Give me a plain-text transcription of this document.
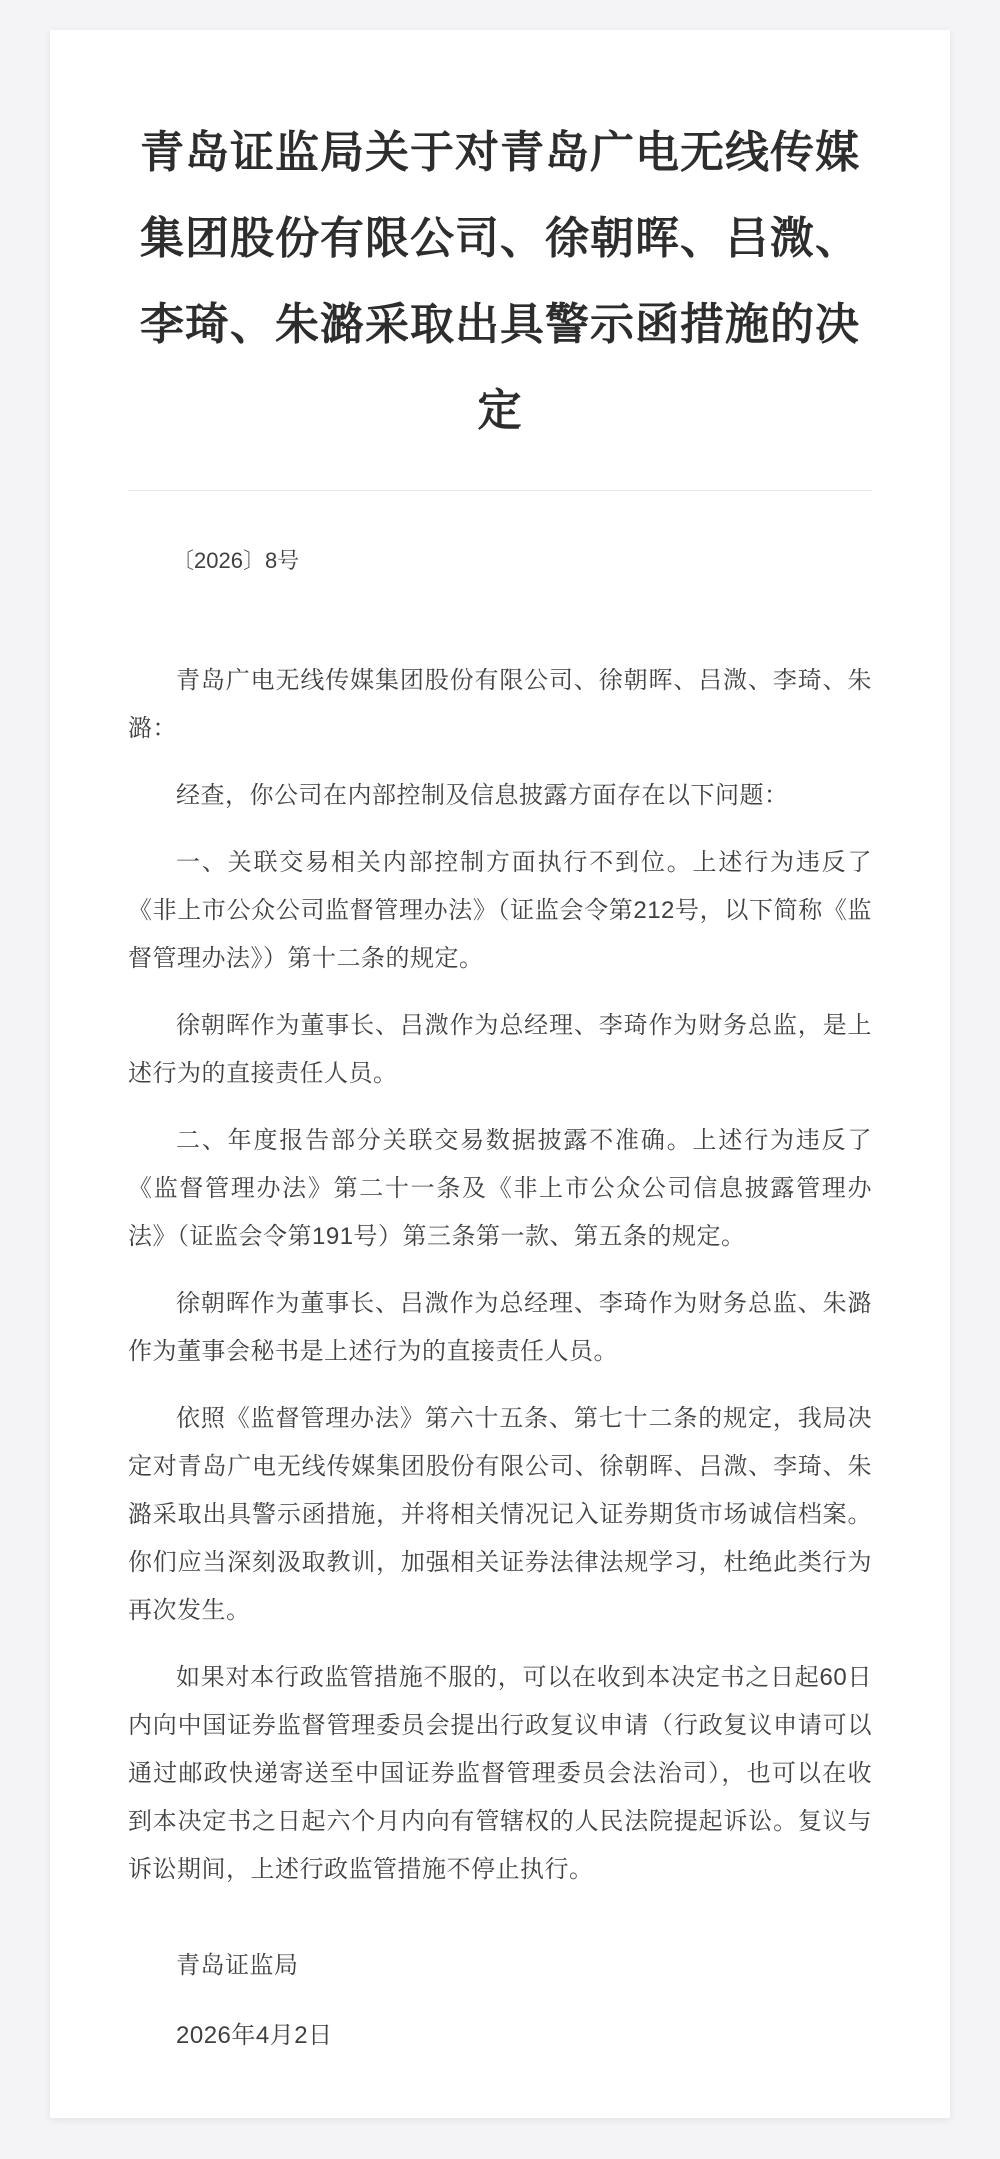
青岛证监局关于对青岛广电无线传媒集团股份有限公司、徐朝晖、吕溦、李琦、朱潞采取出具警示函措施的决定
〔2026〕8号

青岛广电无线传媒集团股份有限公司、徐朝晖、吕溦、李琦、朱潞：

经查，你公司在内部控制及信息披露方面存在以下问题：

一、关联交易相关内部控制方面执行不到位。上述行为违反了《非上市公众公司监督管理办法》（证监会令第212号，以下简称《监督管理办法》）第十二条的规定。

徐朝晖作为董事长、吕溦作为总经理、李琦作为财务总监，是上述行为的直接责任人员。

二、年度报告部分关联交易数据披露不准确。上述行为违反了《监督管理办法》第二十一条及《非上市公众公司信息披露管理办法》（证监会令第191号）第三条第一款、第五条的规定。

徐朝晖作为董事长、吕溦作为总经理、李琦作为财务总监、朱潞作为董事会秘书是上述行为的直接责任人员。

依照《监督管理办法》第六十五条、第七十二条的规定，我局决定对青岛广电无线传媒集团股份有限公司、徐朝晖、吕溦、李琦、朱潞采取出具警示函措施，并将相关情况记入证券期货市场诚信档案。你们应当深刻汲取教训，加强相关证券法律法规学习，杜绝此类行为再次发生。

如果对本行政监管措施不服的，可以在收到本决定书之日起60日内向中国证券监督管理委员会提出行政复议申请（行政复议申请可以通过邮政快递寄送至中国证券监督管理委员会法治司），也可以在收到本决定书之日起六个月内向有管辖权的人民法院提起诉讼。复议与诉讼期间，上述行政监管措施不停止执行。

青岛证监局

2026年4月2日
